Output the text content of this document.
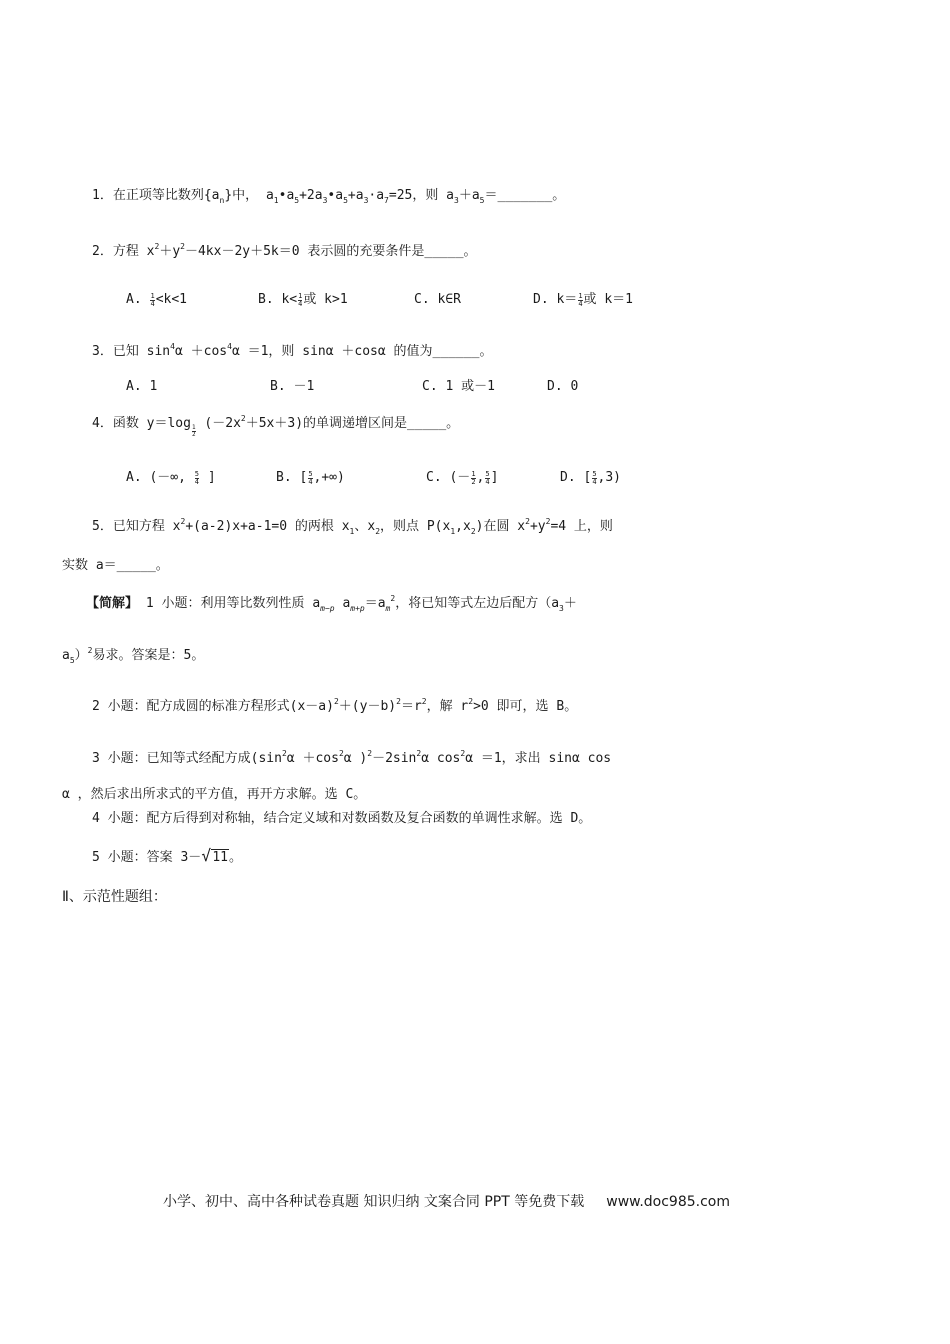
1．在正项等比数列$\{a_n\}$中， $a_1•a_5+2a_3•a_5+a_3\cdot a_7=25$，则 $a_3+a_5=\_\_\_\_\_\_\_$。
2．方程 $x^2+y^2-4kx-2y+5k=0$ 表示圆的充要条件是_____。
A. $\frac{1}{4} <k<1$	B. $k< \frac{1}{4}$ 或 k>1	C. k∈R	D. $k= \frac{1}{4}$ 或 k＝1
3．已知 $\sin^4\alpha +\cos^4\alpha =1$，则 sinα ＋cosα 的值为______。
A. 1	B. －1	C. 1 或－1	D. 0
4．函数 y＝log
$\frac{1}{2}$
$(-2x^2+5x+3)$的单调递增区间是_____。
A. (－∞, $\frac{5}{4}$ ]	B. [ $\frac{5}{4}$ ,+∞)	C. (－ $\frac{1}{2}$ , $\frac{5}{4}$ ]	D. [ $\frac{5}{4} ,3$)
5．已知方程 $x^2+(a-2)x+a-1=0$ 的两根 $x_1$、$x_2$，则点 $P(x_1,x_2)$在圆 $x^2+y^2=4$ 上，则
实数 a＝_____。
【简解】 1 小题：利用等比数列性质 $a_{m-p}$ $a_{m+p}=a_m^2$，将已知等式左边后配方（$a_3+$
$a_5)^2$易求。答案是：5。
2 小题：配方成圆的标准方程形式$(x-a)^2+(y-b)^2=r^2$，解 $r^2>0$ 即可，选 B。
3 小题：已知等式经配方成($\sin^2\alpha +\cos^2\alpha$ )$^2-2\sin^2\alpha$ $\cos^2\alpha =1$，求出 sinα cos
α ，然后求出所求式的平方值，再开方求解。选 C。
4 小题：配方后得到对称轴，结合定义域和对数函数及复合函数的单调性求解。选 D。
5 小题：答案 3－ √ 11。
Ⅱ、示范性题组：
小学、初中、高中各种试卷真题 知识归纳 文案合同 PPT 等免费下载 www.doc985.com
